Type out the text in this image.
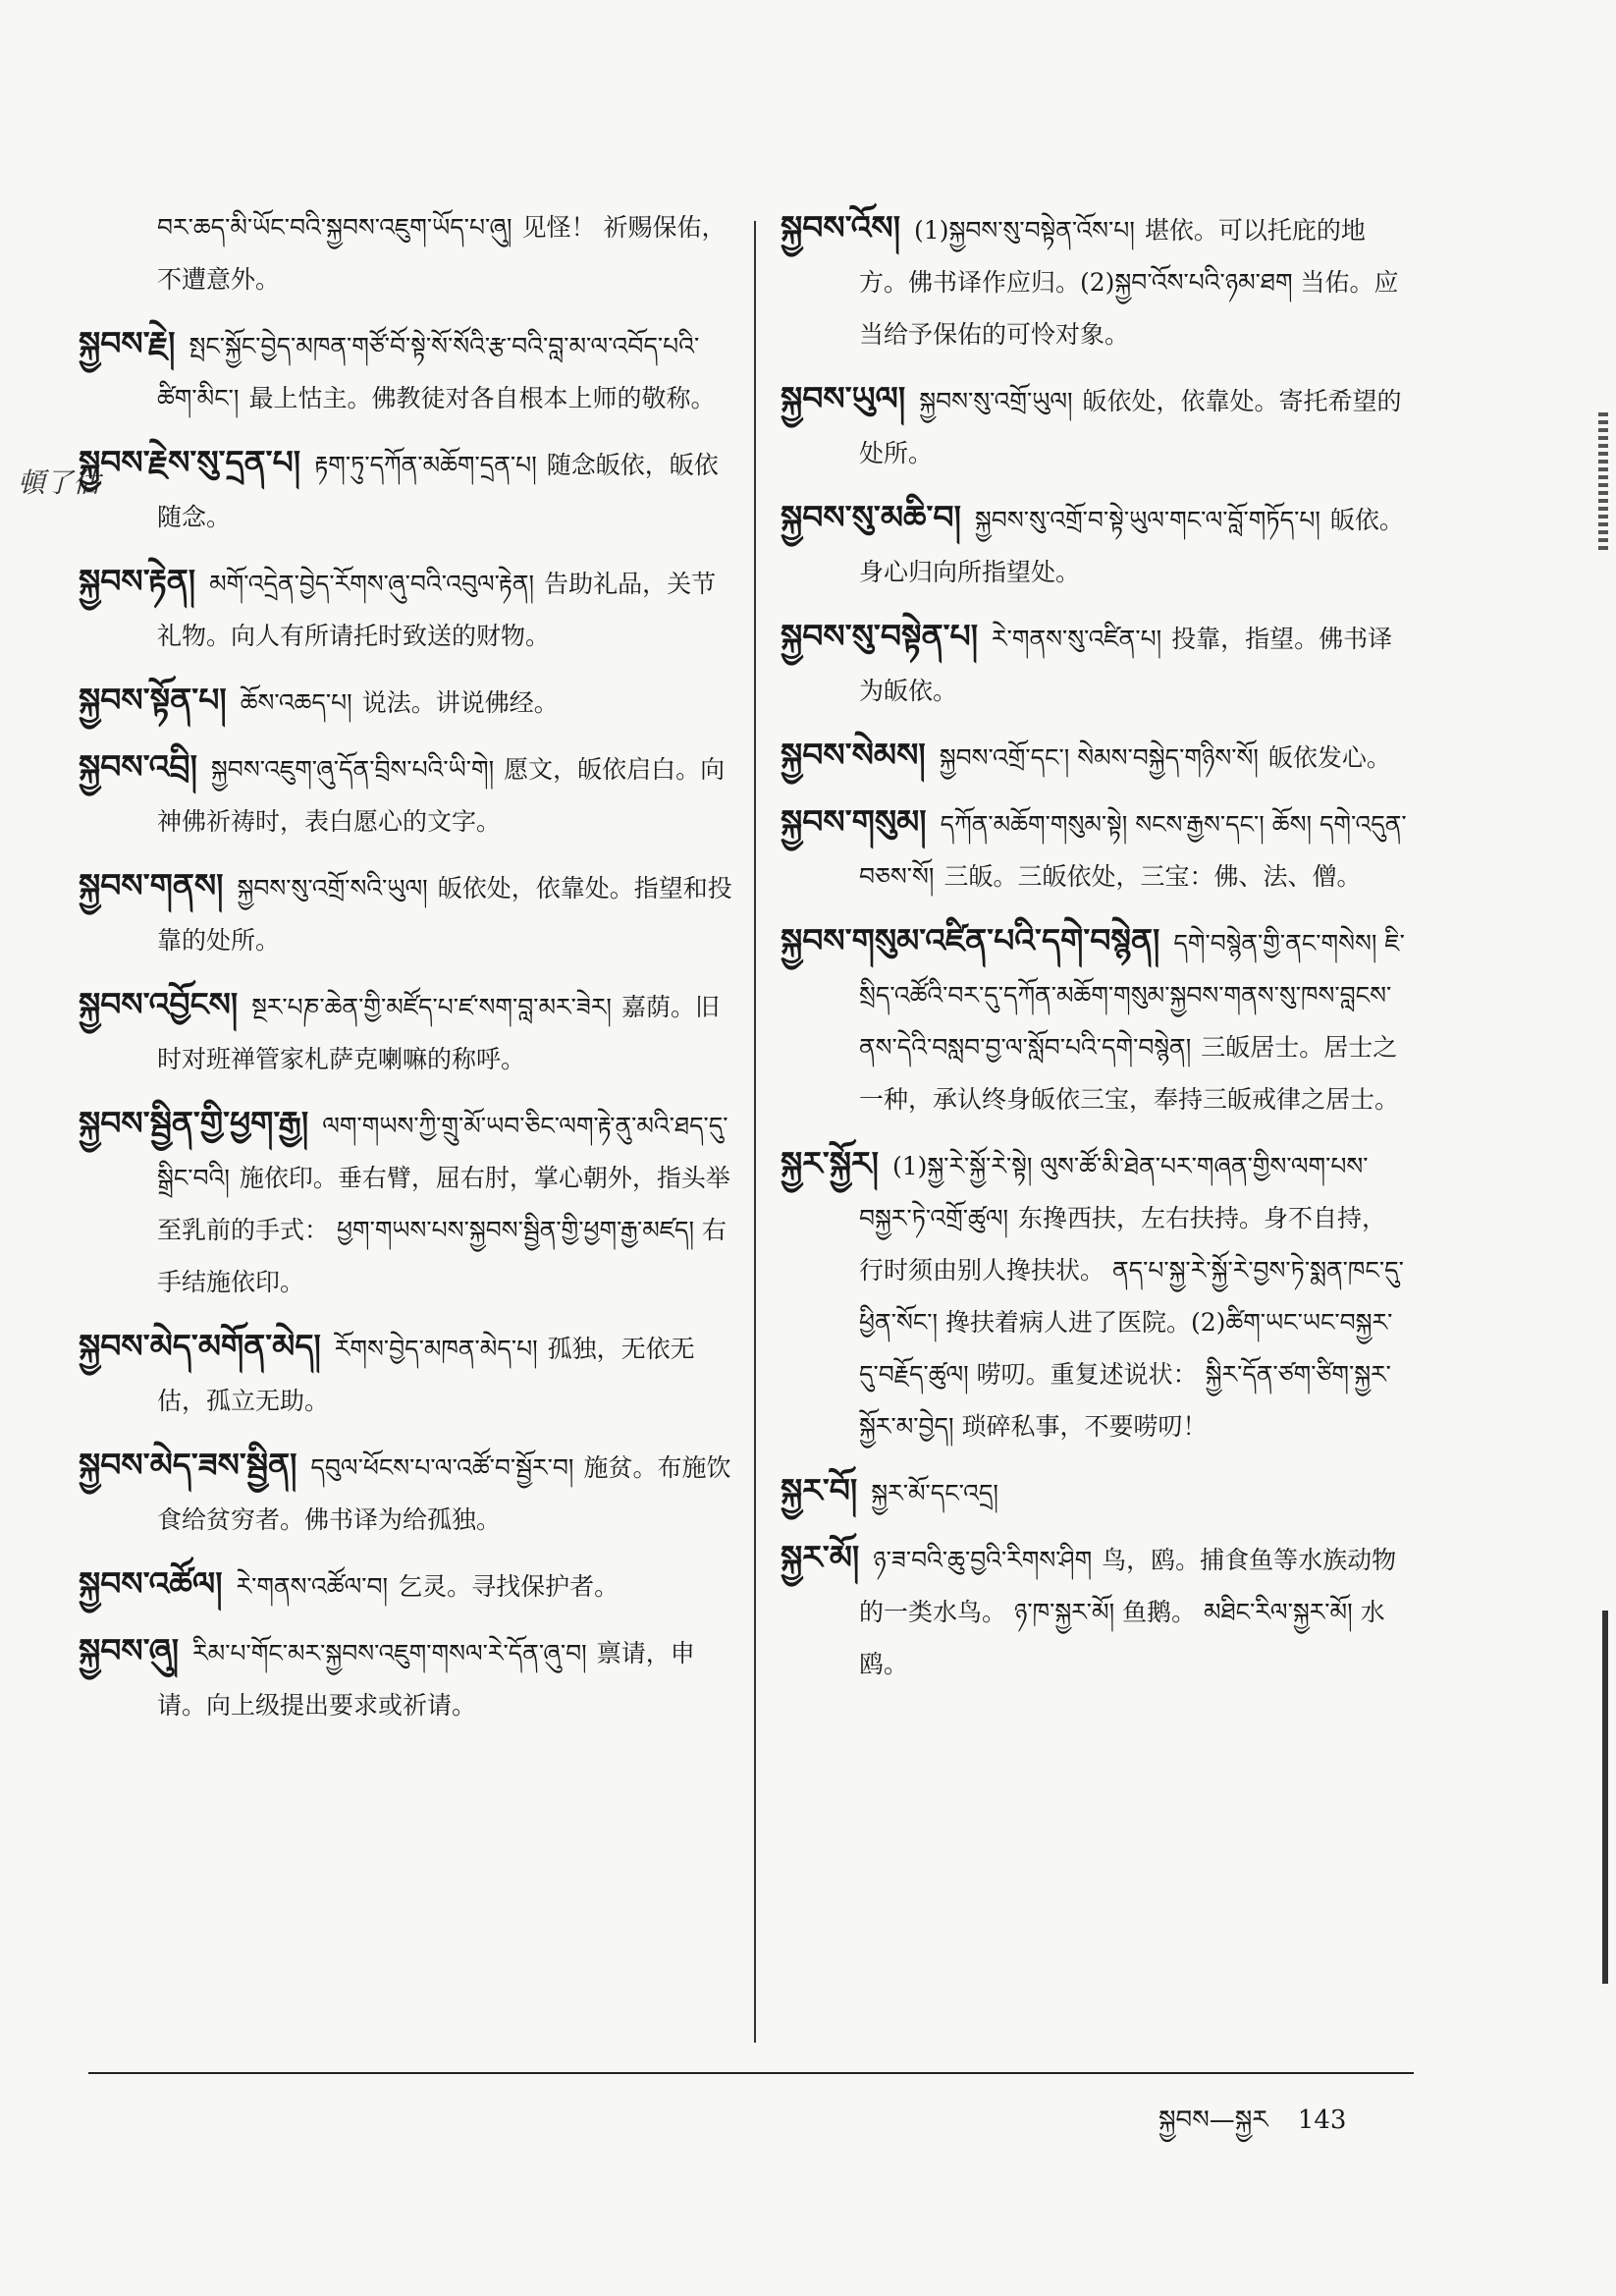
頓了估
བར་ཆད་མི་ཡོང་བའི་སྐྱབས་འཇུག་ཡོད་པ་ཞུ། 见怪！ 祈赐保佑，不遭意外。
སྐྱབས་རྗེ། སྤང་སྐྱོང་བྱེད་མཁན་གཙོ་བོ་སྟེ་སོ་སོའི་རྩ་བའི་བླ་མ་ལ་འབོད་པའི་ཚིག་མིང་། 最上怙主。佛教徒对各自根本上师的敬称。
སྐྱབས་རྗེས་སུ་དྲན་པ། རྟག་ཏུ་དཀོན་མཆོག་དྲན་པ། 随念皈依，皈依随念。
སྐྱབས་རྟེན། མགོ་འདྲེན་བྱེད་རོགས་ཞུ་བའི་འབུལ་རྟེན། 告助礼品，关节礼物。向人有所请托时致送的财物。
སྐྱབས་སྟོན་པ། ཆོས་འཆད་པ། 说法。讲说佛经。
སྐྱབས་འབྲི། སྐྱབས་འཇུག་ཞུ་དོན་བྲིས་པའི་ཡི་གེ། 愿文，皈依启白。向神佛祈祷时，表白愿心的文字。
སྐྱབས་གནས། སྐྱབས་སུ་འགྲོ་སའི་ཡུལ། 皈依处，依靠处。指望和投靠的处所。
སྐྱབས་འབྱོངས། སྔར་པཎ་ཆེན་གྱི་མཛོད་པ་ཛ་སག་བླ་མར་ཟེར། 嘉荫。旧时对班禅管家札萨克喇嘛的称呼。
སྐྱབས་སྦྱིན་གྱི་ཕྱག་རྒྱ། ལག་གཡས་ཀྱི་གྲུ་མོ་ཡབ་ཅིང་ལག་རྟེ་ནུ་མའི་ཐད་དུ་སྒྲིང་བའི། 施依印。垂右臂，屈右肘，掌心朝外，指头举至乳前的手式： ཕྱག་གཡས་པས་སྐྱབས་སྦྱིན་གྱི་ཕྱག་རྒྱ་མཛད། 右手结施依印。
སྐྱབས་མེད་མགོན་མེད། རོགས་བྱེད་མཁན་མེད་པ། 孤独，无依无估，孤立无助。
སྐྱབས་མེད་ཟས་སྦྱིན། དབུལ་ཕོངས་པ་ལ་འཚོ་བ་སྦྱོར་བ། 施贫。布施饮食给贫穷者。佛书译为给孤独。
སྐྱབས་འཚོལ། རེ་གནས་འཚོལ་བ། 乞灵。寻找保护者。
སྐྱབས་ཞུ། རིམ་པ་གོང་མར་སྐྱབས་འཇུག་གསལ་རེ་དོན་ཞུ་བ། 禀请，申请。向上级提出要求或祈请。
སྐྱབས་འོས། (1)སྐྱབས་སུ་བསྟེན་འོས་པ། 堪依。可以托庇的地方。佛书译作应归。(2)སྐྱབ་འོས་པའི་ཉམ་ཐག 当佑。应当给予保佑的可怜对象。
སྐྱབས་ཡུལ། སྐྱབས་སུ་འགྲོ་ཡུལ། 皈依处，依靠处。寄托希望的处所。
སྐྱབས་སུ་མཆི་བ། སྐྱབས་སུ་འགྲོ་བ་སྟེ་ཡུལ་གང་ལ་བློ་གཏོད་པ། 皈依。身心归向所指望处。
སྐྱབས་སུ་བསྟེན་པ། རེ་གནས་སུ་འཛིན་པ། 投靠，指望。佛书译为皈依。
སྐྱབས་སེམས། སྐྱབས་འགྲོ་དང་། སེམས་བསྐྱེད་གཉིས་སོ། 皈依发心。
སྐྱབས་གསུམ། དཀོན་མཆོག་གསུམ་སྟེ། སངས་རྒྱས་དང་། ཆོས། དགེ་འདུན་བཅས་སོ། 三皈。三皈依处，三宝：佛、法、僧。
སྐྱབས་གསུམ་འཛིན་པའི་དགེ་བསྙེན། དགེ་བསྙེན་གྱི་ནང་གསེས། ཇི་སྲིད་འཚོའི་བར་དུ་དཀོན་མཆོག་གསུམ་སྐྱབས་གནས་སུ་ཁས་བླངས་ནས་དེའི་བསླབ་བྱ་ལ་སློབ་པའི་དགེ་བསྙེན། 三皈居士。居士之一种，承认终身皈依三宝，奉持三皈戒律之居士。
སྐྱར་སྐྱོར། (1)སྐྱ་རེ་སྐྱོ་རེ་སྟེ། ལུས་ཚོ་མི་ཐེན་པར་གཞན་གྱིས་ལག་པས་བསྐྱར་ཏེ་འགྲོ་ཚུལ། 东搀西扶，左右扶持。身不自持，行时须由别人搀扶状。 ནད་པ་སྐྱ་རེ་སྐྱོ་རེ་བྱས་ཏེ་སྨན་ཁང་དུ་ཕྱིན་སོང་། 搀扶着病人进了医院。(2)ཚིག་ཡང་ཡང་བསྐྱར་དུ་བརྗོད་ཚུལ། 唠叨。重复述说状： སྐྱིར་དོན་ཙག་ཙིག་སྐྱར་སྐྱོར་མ་བྱེད། 琐碎私事，不要唠叨！
སྐྱར་བོ། སྐྱར་མོ་དང་འདྲ།
སྐྱར་མོ། ཉ་ཟ་བའི་ཆུ་བྱའི་རིགས་ཤིག 鸟，鸥。捕食鱼等水族动物的一类水鸟。 ཉ་ཁ་སྐྱར་མོ། 鱼鹅。 མཐིང་རིལ་སྐྱར་མོ། 水鸥。
སྐྱབས—སྐྱར 143
